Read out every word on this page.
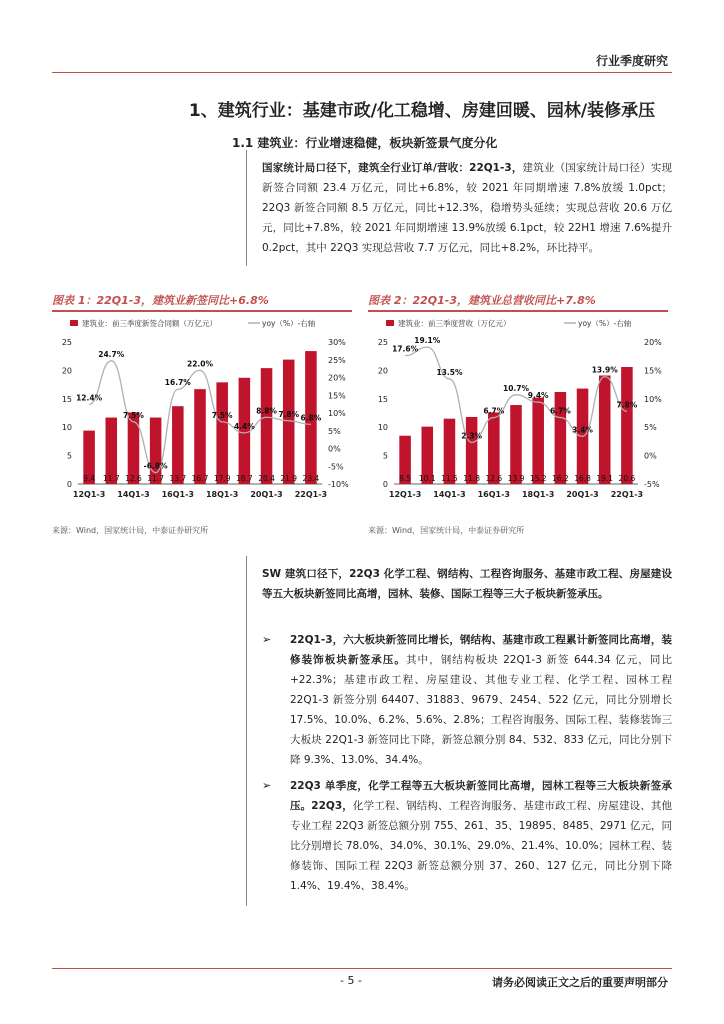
行业季度研究
1、建筑行业：基建市政/化工稳增、房建回暖、园林/装修承压
1.1 建筑业：行业增速稳健，板块新签景气度分化
国家统计局口径下，建筑全行业订单/营收：22Q1-3，建筑业（国家统计局口径）实现新签合同额 23.4 万亿元，同比+6.8%，较 2021 年同期增速 7.8%放缓 1.0pct；22Q3 新签合同额 8.5 万亿元，同比+12.3%，稳增势头延续；实现总营收 20.6 万亿元，同比+7.8%，较 2021 年同期增速 13.9%放缓 6.1pct，较 22H1 增速 7.6%提升 0.2pct，其中 22Q3 实现总营收 7.7 万亿元，同比+8.2%，环比持平。
图表 1：22Q1-3，建筑业新签同比+6.8%
建筑业：前三季度新签合同额（万亿元）	yoy（%）-右轴
0
5
10
15
20
25
-10%
-5%
0%
5%
10%
15%
20%
25%
30%
9.4 11.7 12.6 11.7 13.7 16.7 17.9 18.7 20.4 21.9 23.4
12.4%
24.7%
7.5%
-6.8%
16.7%
22.0%
7.5%
4.4%
8.8% 7.8% 6.8%
12Q1-3 14Q1-3 16Q1-3 18Q1-3 20Q1-3 22Q1-3
来源：Wind，国家统计局，中泰证券研究所
图表 2：22Q1-3，建筑业总营收同比+7.8%
建筑业：前三季度营收（万亿元）	yoy（%）-右轴
0
5
10
15
20
25
-5%
0%
5%
10%
15%
20%
8.5 10.1 11.5 11.8 12.6 13.9 15.2 16.2 16.8 19.1 20.6
17.6%
19.1%
13.5%
2.3%
6.7%
10.7%
9.4%
6.7%
3.4%
13.9%
7.8%
12Q1-3 14Q1-3 16Q1-3 18Q1-3 20Q1-3 22Q1-3
来源：Wind，国家统计局，中泰证券研究所
SW 建筑口径下，22Q3 化学工程、钢结构、工程咨询服务、基建市政工程、房屋建设等五大板块新签同比高增，园林、装修、国际工程等三大子板块新签承压。
➢ 22Q1-3，六大板块新签同比增长，钢结构、基建市政工程累计新签同比高增，装修装饰板块新签承压。其中，钢结构板块 22Q1-3 新签 644.34 亿元，同比+22.3%；基建市政工程、房屋建设、其他专业工程、化学工程、园林工程 22Q1-3 新签分别 64407、31883、9679、2454、522 亿元，同比分别增长 17.5%、10.0%、6.2%、5.6%、2.8%；工程咨询服务、国际工程、装修装饰三大板块 22Q1-3 新签同比下降，新签总额分别 84、532、833 亿元，同比分别下降 9.3%、13.0%、34.4%。
➢ 22Q3 单季度，化学工程等五大板块新签同比高增，园林工程等三大板块新签承压。22Q3，化学工程、钢结构、工程咨询服务、基建市政工程、房屋建设、其他专业工程 22Q3 新签总额分别 755、261、35、19895、8485、2971 亿元，同比分别增长 78.0%、34.0%、30.1%、29.0%、21.4%、10.0%；园林工程、装修装饰、国际工程 22Q3 新签总额分别 37、260、127 亿元，同比分别下降 1.4%、19.4%、38.4%。
- 5 -	请务必阅读正文之后的重要声明部分
